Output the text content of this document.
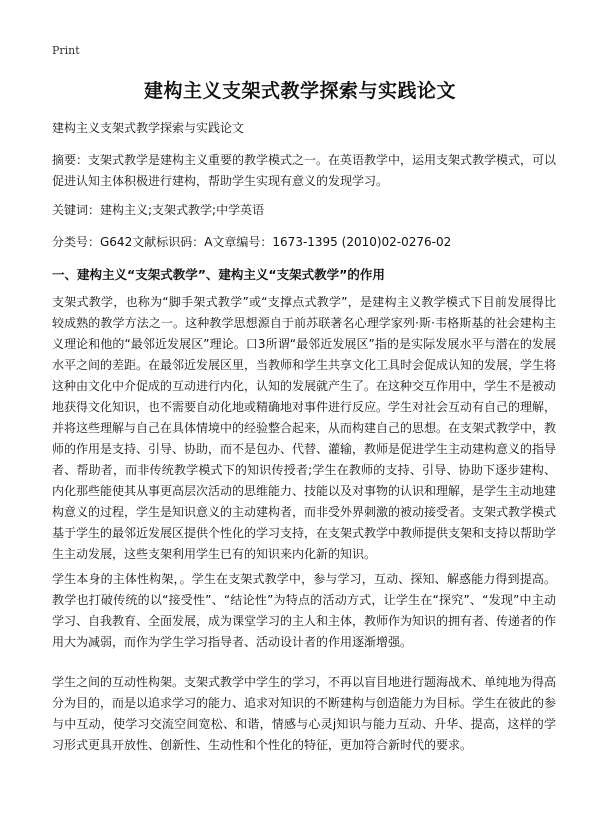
Print
建构主义支架式教学探索与实践论文
建构主义支架式教学探索与实践论文
摘要：支架式教学是建构主义重要的教学模式之一。在英语教学中，运用支架式教学模式，可以促进认知主体积极进行建构，帮助学生实现有意义的发现学习。
关键词：建构主义;支架式教学;中学英语
分类号：G642文献标识码：A文章编号：1673-1395 (2010)02-0276-02
一、建构主义“支架式教学”、建构主义“支架式教学”的作用

支架式教学，也称为“脚手架式教学”或“支撑点式教学”，是建构主义教学模式下目前发展得比较成熟的教学方法之一。这种教学思想源自于前苏联著名心理学家列·斯·韦格斯基的社会建构主义理论和他的“最邻近发展区”理论。口3所谓“最邻近发展区”指的是实际发展水平与潜在的发展水平之间的差距。在最邻近发展区里，当教师和学生共享文化工具时会促成认知的发展，学生将这种由文化中介促成的互动进行内化，认知的发展就产生了。在这种交互作用中，学生不是被动地获得文化知识，也不需要自动化地或精确地对事件进行反应。学生对社会互动有自己的理解，并将这些理解与自己在具体情境中的经验整合起来，从而构建自己的思想。在支架式教学中，教师的作用是支持、引导、协助，而不是包办、代替、灌输，教师是促进学生主动建构意义的指导者、帮助者，而非传统教学模式下的知识传授者;学生在教师的支持、引导、协助下逐步建构、内化那些能使其从事更高层次活动的思维能力、技能以及对事物的认识和理解，是学生主动地建构意义的过程，学生是知识意义的主动建构者，而非受外界刺激的被动接受者。支架式教学模式基于学生的最邻近发展区提供个性化的学习支持，在支架式教学中教师提供支架和支持以帮助学生主动发展，这些支架利用学生已有的知识来内化新的知识。

学生本身的主体性构架，。学生在支架式教学中，参与学习，互动、探知、解惑能力得到提高。教学也打破传统的以“接受性”、“结论性”为特点的活动方式，让学生在“探究”、“发现”中主动学习、自我教育、全面发展，成为课堂学习的主人和主体，教师作为知识的拥有者、传递者的作用大为减弱，而作为学生学习指导者、活动设计者的作用逐渐增强。

学生之间的互动性构架。支架式教学中学生的学习，不再以盲目地进行题海战术、单纯地为得高分为目的，而是以追求学习的能力、追求对知识的不断建构与创造能力为目标。学生在彼此的参与中互动，使学习交流空间宽松、和谐，情感与心灵j知识与能力互动、升华、提高，这样的学习形式更具开放性、创新性、生动性和个性化的特征，更加符合新时代的要求。
